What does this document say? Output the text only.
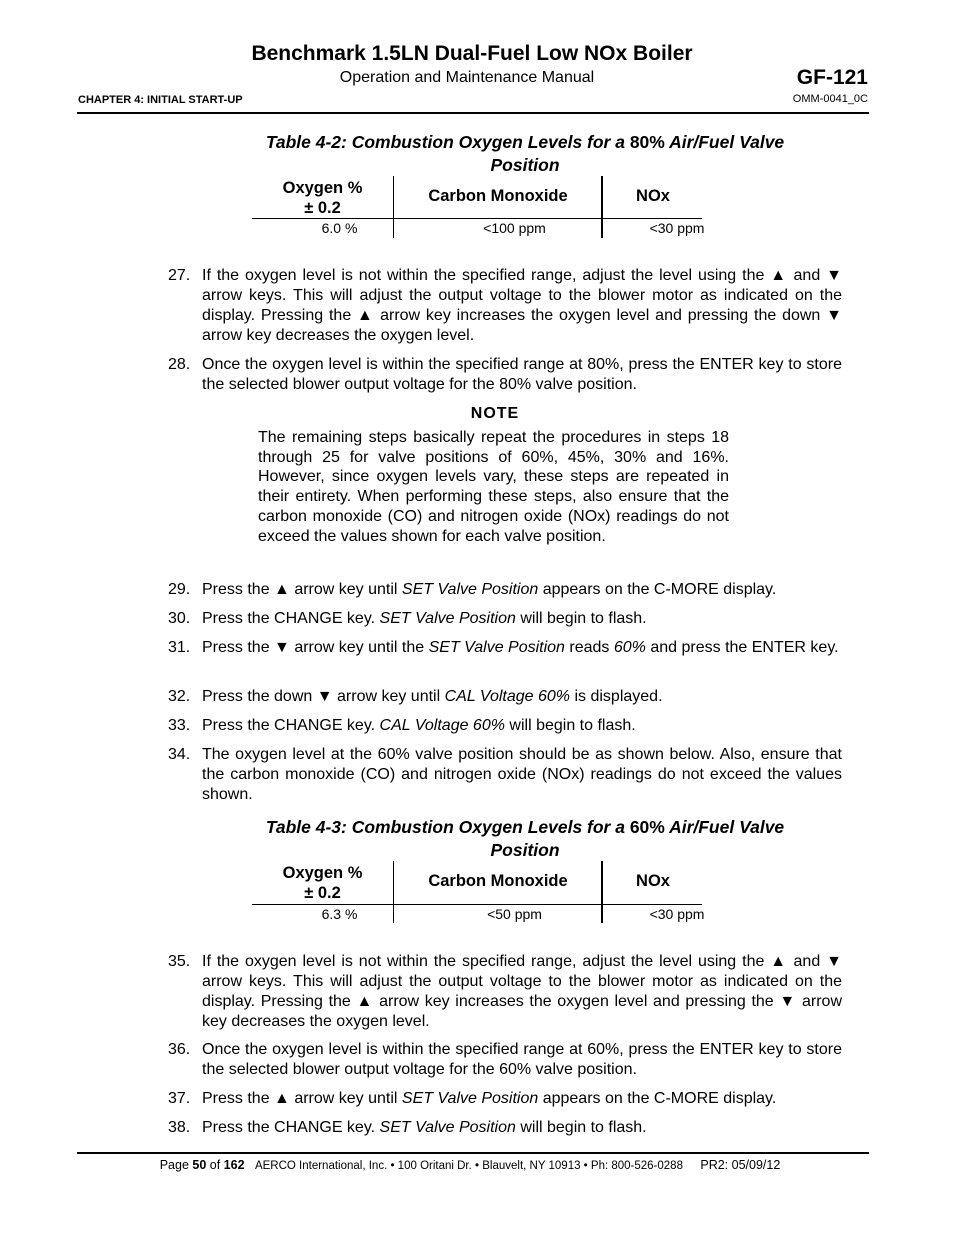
Benchmark 1.5LN Dual-Fuel Low NOx Boiler
Operation and Maintenance Manual	GF-121
CHAPTER 4: INITIAL START-UP	OMM-0041_0C
Table 4-2: Combustion Oxygen Levels for a 80% Air/Fuel Valve
Position
Oxygen %
± 0.2
Carbon Monoxide	NOx
6.0 %	<100 ppm	<30 ppm
27. If the oxygen level is not within the specified range, adjust the level using the ▲ and ▼ arrow keys. This will adjust the output voltage to the blower motor as indicated on the display. Pressing the ▲ arrow key increases the oxygen level and pressing the down ▼ arrow key decreases the oxygen level.
28. Once the oxygen level is within the specified range at 80%, press the ENTER key to store the selected blower output voltage for the 80% valve position.
NOTE
The remaining steps basically repeat the procedures in steps 18 through 25 for valve positions of 60%, 45%, 30% and 16%. However, since oxygen levels vary, these steps are repeated in their entirety. When performing these steps, also ensure that the carbon monoxide (CO) and nitrogen oxide (NOx) readings do not exceed the values shown for each valve position.
29. Press the ▲ arrow key until SET Valve Position appears on the C-MORE display.
30. Press the CHANGE key. SET Valve Position will begin to flash.
31. Press the ▼ arrow key until the SET Valve Position reads 60% and press the ENTER key.
32. Press the down ▼ arrow key until CAL Voltage 60% is displayed.
33. Press the CHANGE key. CAL Voltage 60% will begin to flash.
34. The oxygen level at the 60% valve position should be as shown below. Also, ensure that the carbon monoxide (CO) and nitrogen oxide (NOx) readings do not exceed the values shown.
Table 4-3: Combustion Oxygen Levels for a 60% Air/Fuel Valve
Position
Oxygen %
± 0.2
Carbon Monoxide	NOx
6.3 %	<50 ppm	<30 ppm
35. If the oxygen level is not within the specified range, adjust the level using the ▲ and ▼ arrow keys. This will adjust the output voltage to the blower motor as indicated on the display. Pressing the ▲ arrow key increases the oxygen level and pressing the ▼ arrow key decreases the oxygen level.
36. Once the oxygen level is within the specified range at 60%, press the ENTER key to store the selected blower output voltage for the 60% valve position.
37. Press the ▲ arrow key until SET Valve Position appears on the C-MORE display.
38. Press the CHANGE key. SET Valve Position will begin to flash.
Page 50 of 162 AERCO International, Inc. • 100 Oritani Dr. • Blauvelt, NY 10913 • Ph: 800-526-0288 PR2: 05/09/12
